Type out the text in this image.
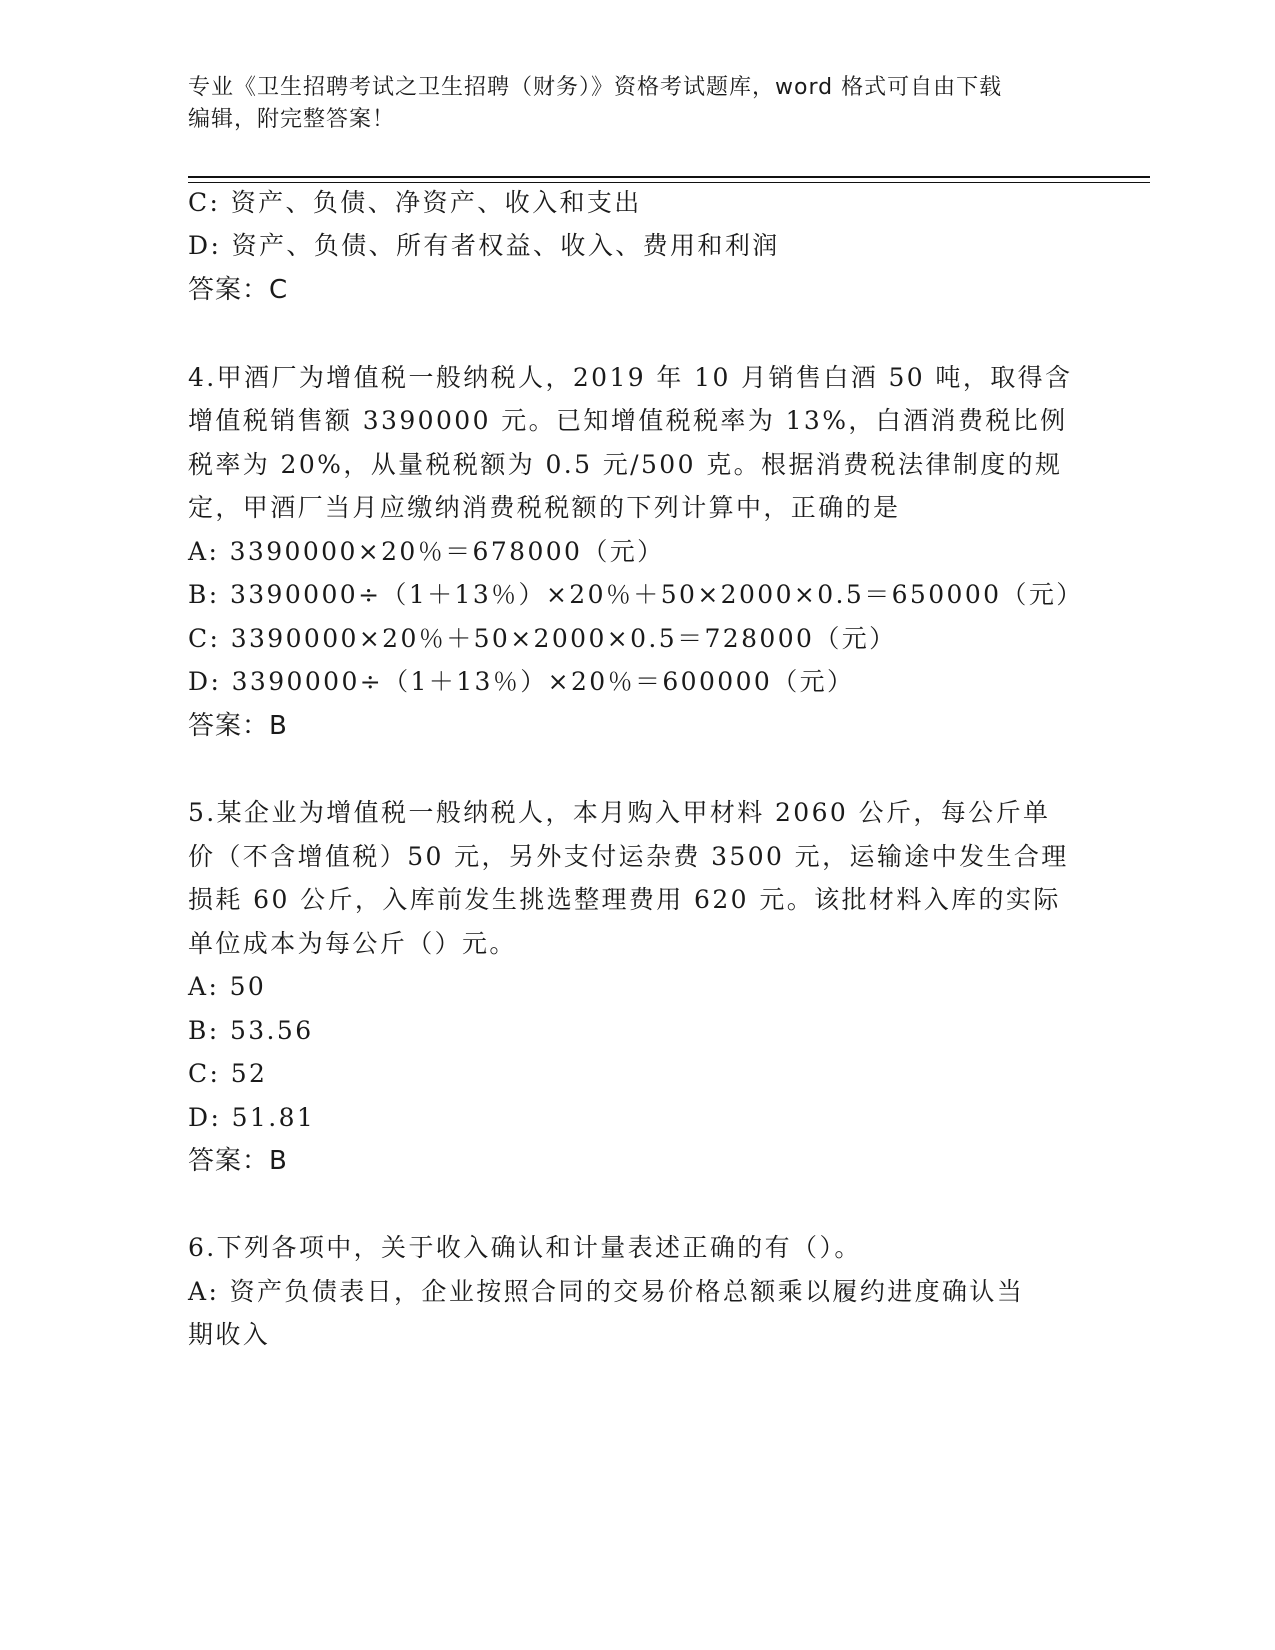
专业《卫生招聘考试之卫生招聘（财务）》资格考试题库，word 格式可自由下载
编辑，附完整答案！
C: 资产、负债、净资产、收入和支出
D: 资产、负债、所有者权益、收入、费用和利润
答案：C
4.甲酒厂为增值税一般纳税人，2019 年 10 月销售白酒 50 吨，取得含
增值税销售额 3390000 元。已知增值税税率为 13%，白酒消费税比例
税率为 20%，从量税税额为 0.5 元/500 克。根据消费税法律制度的规
定，甲酒厂当月应缴纳消费税税额的下列计算中，正确的是
A: 3390000×20％＝678000（元）
B: 3390000÷（1＋13％）×20％＋50×2000×0.5＝650000（元）
C: 3390000×20％＋50×2000×0.5＝728000（元）
D: 3390000÷（1＋13％）×20％＝600000（元）
答案：B
5.某企业为增值税一般纳税人，本月购入甲材料 2060 公斤，每公斤单
价（不含增值税）50 元，另外支付运杂费 3500 元，运输途中发生合理
损耗 60 公斤，入库前发生挑选整理费用 620 元。该批材料入库的实际
单位成本为每公斤（）元。
A: 50
B: 53.56
C: 52
D: 51.81
答案：B
6.下列各项中，关于收入确认和计量表述正确的有（）。
A: 资产负债表日，企业按照合同的交易价格总额乘以履约进度确认当
期收入
